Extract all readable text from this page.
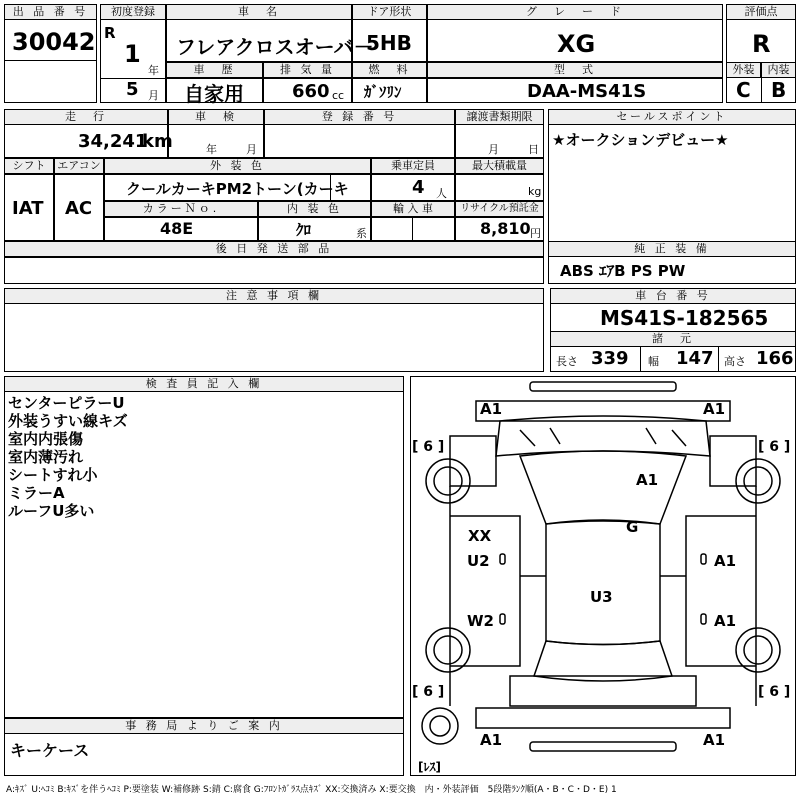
出 品 番 号
30042
初度登録
R
1
年
5 月
車　名
フレアクロスオーバ－
ドア形状
5HB
グ　レ　ー　ド
XG
評価点
R
外装	内装
C B
車　歴
自家用
排 気 量
660 cc
燃　料
ｶﾞｿﾘﾝ
型　式
DAA-MS41S
走　行
34,241
km
車　検
年	月
登 録 番 号	譲渡書類期限
月	日
セールスポイント
★オークションデビュー★
シフト
IAT
エアコン
AC
外 装 色
クールカーキPM2トーン(カーキ
乗車定員
4 人
最大積載量
kg
カラーＮｏ.
48E
内 装 色
ｸﾛ	系
輸 入 車	リサイクル預託金
8,810 円
後 日 発 送 部 品	純 正 装 備
ABS ｴｱB PS PW
注 意 事 項 欄	車 台 番 号
MS41S-182565
諸　元
長さ 339 幅 147 高さ 166
検 査 員 記 入 欄
センターピラーU
外装うすい線キズ
室内内張傷
室内薄汚れ
シートすれ小
ミラーA
ルーフU多い
事 務 局 よ り ご 案 内
キーケース
A1	A1
[ 6 ]	[ 6 ]
A1
G
XX
U2	A1
U3
W2	A1
[ 6 ]	[ 6 ]
A1	A1
[ﾚｽ]
A:ｷｽﾞ U:ﾍｺﾐ B:ｷｽﾞを伴うﾍｺﾐ P:要塗装 W:補修跡 S:錆 C:腐食 G:ﾌﾛﾝﾄｶﾞﾗｽ点ｷｽﾞ XX:交換済み X:要交換　内・外装評価　5段階ﾗﾝｸ順(A・B・C・D・E) 1
